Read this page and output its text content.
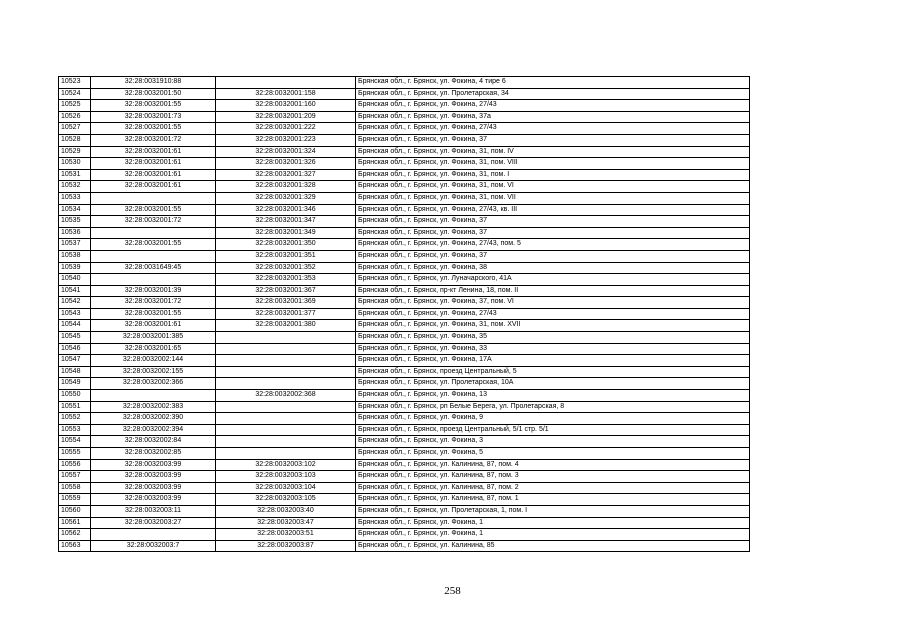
10523	32:28:0031910:88		Брянская обл., г. Брянск, ул. Фокина, 4 тире 6
10524	32:28:0032001:50	32:28:0032001:158	Брянская обл., г. Брянск, ул. Пролетарская, 34
10525	32:28:0032001:55	32:28:0032001:160	Брянская обл., г. Брянск, ул. Фокина, 27/43
10526	32:28:0032001:73	32:28:0032001:209	Брянская обл., г. Брянск, ул. Фокина, 37а
10527	32:28:0032001:55	32:28:0032001:222	Брянская обл., г. Брянск, ул. Фокина, 27/43
10528	32:28:0032001:72	32:28:0032001:223	Брянская обл., г. Брянск, ул. Фокина, 37
10529	32:28:0032001:61	32:28:0032001:324	Брянская обл., г. Брянск, ул. Фокина, 31, пом. IV
10530	32:28:0032001:61	32:28:0032001:326	Брянская обл., г. Брянск, ул. Фокина, 31, пом. VIII
10531	32:28:0032001:61	32:28:0032001:327	Брянская обл., г. Брянск, ул. Фокина, 31, пом. I
10532	32:28:0032001:61	32:28:0032001:328	Брянская обл., г. Брянск, ул. Фокина, 31, пом. VI
10533		32:28:0032001:329	Брянская обл., г. Брянск, ул. Фокина, 31, пом. VII
10534	32:28:0032001:55	32:28:0032001:346	Брянская обл., г. Брянск, ул. Фокина, 27/43, кв. III
10535	32:28:0032001:72	32:28:0032001:347	Брянская обл., г. Брянск, ул. Фокина, 37
10536		32:28:0032001:349	Брянская обл., г. Брянск, ул. Фокина, 37
10537	32:28:0032001:55	32:28:0032001:350	Брянская обл., г. Брянск, ул. Фокина, 27/43, пом. 5
10538		32:28:0032001:351	Брянская обл., г. Брянск, ул. Фокина, 37
10539	32:28:0031649:45	32:28:0032001:352	Брянская обл., г. Брянск, ул. Фокина, 38
10540		32:28:0032001:353	Брянская обл., г. Брянск, ул. Луначарского, 41А
10541	32:28:0032001:39	32:28:0032001:367	Брянская обл., г. Брянск, пр-кт Ленина, 18, пом. II
10542	32:28:0032001:72	32:28:0032001:369	Брянская обл., г. Брянск, ул. Фокина, 37, пом. VI
10543	32:28:0032001:55	32:28:0032001:377	Брянская обл., г. Брянск, ул. Фокина, 27/43
10544	32:28:0032001:61	32:28:0032001:380	Брянская обл., г. Брянск, ул. Фокина, 31, пом. XVII
10545	32:28:0032001:385		Брянская обл., г. Брянск, ул. Фокина, 35
10546	32:28:0032001:65		Брянская обл., г. Брянск, ул. Фокина, 33
10547	32:28:0032002:144		Брянская обл., г. Брянск, ул. Фокина, 17А
10548	32:28:0032002:155		Брянская обл., г. Брянск, проезд Центральный, 5
10549	32:28:0032002:366		Брянская обл., г. Брянск, ул. Пролетарская, 10А
10550		32:28:0032002:368	Брянская обл., г. Брянск, ул. Фокина, 13
10551	32:28:0032002:383		Брянская обл., г. Брянск, рп Белые Берега, ул. Пролетарская, 8
10552	32:28:0032002:390		Брянская обл., г. Брянск, ул. Фокина, 9
10553	32:28:0032002:394		Брянская обл., г. Брянск, проезд Центральный, 5/1 стр. 5/1
10554	32:28:0032002:84		Брянская обл., г. Брянск, ул. Фокина, 3
10555	32:28:0032002:85		Брянская обл., г. Брянск, ул. Фокина, 5
10556	32:28:0032003:99	32:28:0032003:102	Брянская обл., г. Брянск, ул. Калинина, 87, пом. 4
10557	32:28:0032003:99	32:28:0032003:103	Брянская обл., г. Брянск, ул. Калинина, 87, пом. 3
10558	32:28:0032003:99	32:28:0032003:104	Брянская обл., г. Брянск, ул. Калинина, 87, пом. 2
10559	32:28:0032003:99	32:28:0032003:105	Брянская обл., г. Брянск, ул. Калинина, 87, пом. 1
10560	32:28:0032003:11	32:28:0032003:40	Брянская обл., г. Брянск, ул. Пролетарская, 1, пом. I
10561	32:28:0032003:27	32:28:0032003:47	Брянская обл., г. Брянск, ул. Фокина, 1
10562		32:28:0032003:51	Брянская обл., г. Брянск, ул. Фокина, 1
10563	32:28:0032003:7	32:28:0032003:87	Брянская обл., г. Брянск, ул. Калинина, 85
258
